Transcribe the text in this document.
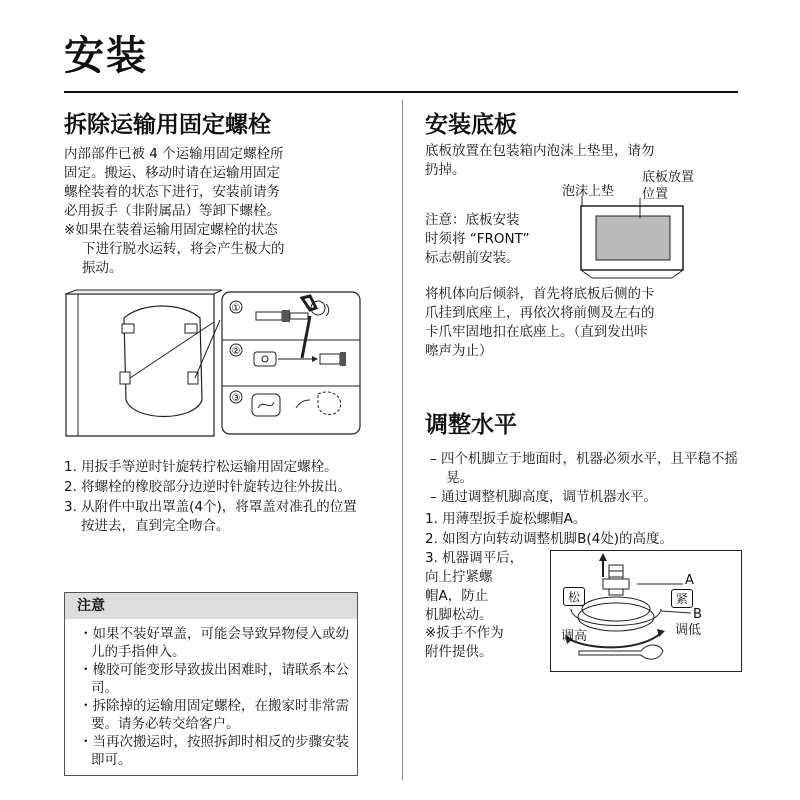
安装
拆除运输用固定螺栓
内部部件已被 4 个运输用固定螺栓所
固定。搬运、移动时请在运输用固定
螺栓装着的状态下进行，安装前请务
必用扳手（非附属品）等卸下螺栓。
※如果在装着运输用固定螺栓的状态
下进行脱水运转，将会产生极大的
振动。
①
②
③
1. 用扳手等逆时针旋转拧松运输用固定螺栓。
2. 将螺栓的橡胶部分边逆时针旋转边往外拔出。
3. 从附件中取出罩盖(4个)，将罩盖对准孔的位置按进去，直到完全吻合。
注意
・如果不装好罩盖，可能会导致异物侵入或幼儿的手指伸入。
・橡胶可能变形导致拔出困难时，请联系本公司。
・拆除掉的运输用固定螺栓，在搬家时非常需要。请务必转交给客户。
・当再次搬运时，按照拆卸时相反的步骤安装即可。
安装底板
底板放置在包装箱内泡沫上垫里，请勿
扔掉。
泡沫上垫
底板放置
位置
注意：底板安装
时须将 “FRONT”
标志朝前安装。
将机体向后倾斜，首先将底板后侧的卡
爪挂到底座上，再依次将前侧及左右的
卡爪牢固地扣在底座上。（直到发出咔
嚓声为止）
调整水平
– 四个机脚立于地面时，机器必须水平，且平稳不摇晃。
– 通过调整机脚高度，调节机器水平。
1. 用薄型扳手旋松螺帽A。
2. 如图方向转动调整机脚B(4处)的高度。
3. 机器调平后，
向上拧紧螺
帽A，防止
机脚松动。
※扳手不作为
附件提供。
松	紧
A
B
调高	调低
